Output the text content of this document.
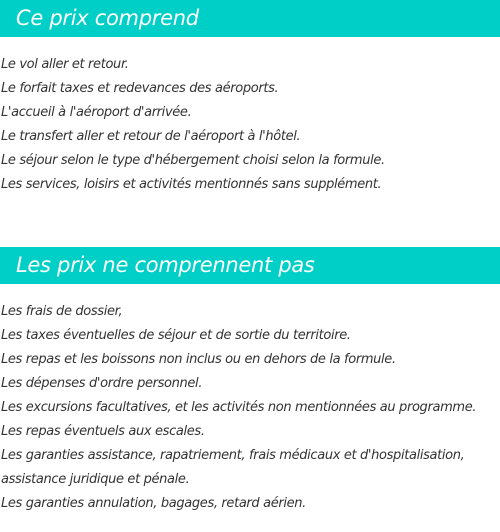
Ce prix comprend
Le vol aller et retour.
Le forfait taxes et redevances des aéroports.
L'accueil à l'aéroport d'arrivée.
Le transfert aller et retour de l'aéroport à l'hôtel.
Le séjour selon le type d'hébergement choisi selon la formule.
Les services, loisirs et activités mentionnés sans supplément.
Les prix ne comprennent pas
Les frais de dossier,
Les taxes éventuelles de séjour et de sortie du territoire.
Les repas et les boissons non inclus ou en dehors de la formule.
Les dépenses d'ordre personnel.
Les excursions facultatives, et les activités non mentionnées au programme.
Les repas éventuels aux escales.
Les garanties assistance, rapatriement, frais médicaux et d'hospitalisation, assistance juridique et pénale.
Les garanties annulation, bagages, retard aérien.
